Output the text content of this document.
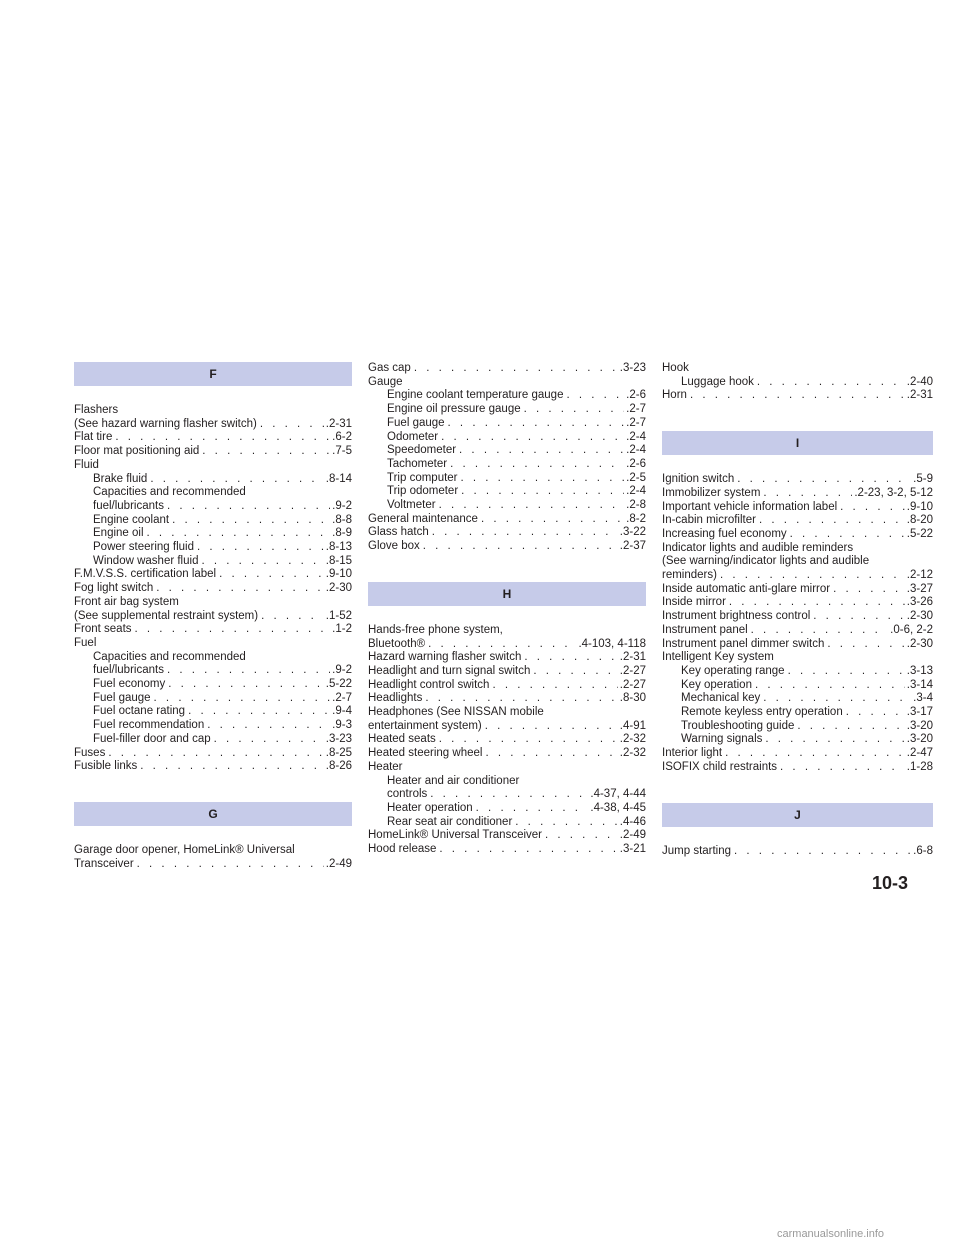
F
Flashers
(See hazard warning flasher switch) . . .	.2-31
Flat tire . . .	.6-2
Floor mat positioning aid . . .	.7-5
Fluid
Brake fluid . . .	.8-14
Capacities and recommended
fuel/lubricants . . .	.9-2
Engine coolant . . .	.8-8
Engine oil . . .	.8-9
Power steering fluid . . .	.8-13
Window washer fluid . . .	.8-15
F.M.V.S.S. certification label . . .	.9-10
Fog light switch . . .	.2-30
Front air bag system
(See supplemental restraint system) . . .	.1-52
Front seats . . .	.1-2
Fuel
Capacities and recommended
fuel/lubricants . . .	.9-2
Fuel economy . . .	.5-22
Fuel gauge . . .	.2-7
Fuel octane rating . . .	.9-4
Fuel recommendation . . .	.9-3
Fuel-filler door and cap . . .	.3-23
Fuses . . .	.8-25
Fusible links . . .	.8-26
G
Garage door opener, HomeLink® Universal
Transceiver . . .	.2-49
Gas cap . . .	.3-23
Gauge
Engine coolant temperature gauge . . .	.2-6
Engine oil pressure gauge . . .	.2-7
Fuel gauge . . .	.2-7
Odometer . . .	.2-4
Speedometer . . .	.2-4
Tachometer . . .	.2-6
Trip computer . . .	.2-5
Trip odometer . . .	.2-4
Voltmeter . . .	.2-8
General maintenance . . .	.8-2
Glass hatch . . .	.3-22
Glove box . . .	.2-37
H
Hands-free phone system,
Bluetooth® . . .	.4-103, 4-118
Hazard warning flasher switch . . .	.2-31
Headlight and turn signal switch . . .	.2-27
Headlight control switch . . .	.2-27
Headlights . . .	.8-30
Headphones (See NISSAN mobile
entertainment system) . . .	.4-91
Heated seats . . .	.2-32
Heated steering wheel . . .	.2-32
Heater
Heater and air conditioner
controls . . .	.4-37, 4-44
Heater operation . . .	.4-38, 4-45
Rear seat air conditioner . . .	.4-46
HomeLink® Universal Transceiver . . .	.2-49
Hood release . . .	.3-21
Hook
Luggage hook . . .	.2-40
Horn . . .	.2-31
I
Ignition switch . . .	.5-9
Immobilizer system . . .	.2-23, 3-2, 5-12
Important vehicle information label . . .	.9-10
In-cabin microfilter . . .	.8-20
Increasing fuel economy . . .	.5-22
Indicator lights and audible reminders
(See warning/indicator lights and audible
reminders) . . .	.2-12
Inside automatic anti-glare mirror . . .	.3-27
Inside mirror . . .	.3-26
Instrument brightness control . . .	.2-30
Instrument panel . . .	.0-6, 2-2
Instrument panel dimmer switch . . .	.2-30
Intelligent Key system
Key operating range . . .	.3-13
Key operation . . .	.3-14
Mechanical key . . .	.3-4
Remote keyless entry operation . . .	.3-17
Troubleshooting guide . . .	.3-20
Warning signals . . .	.3-20
Interior light . . .	.2-47
ISOFIX child restraints . . .	.1-28
J
Jump starting . . .	.6-8
10-3
carmanualsonline.info
